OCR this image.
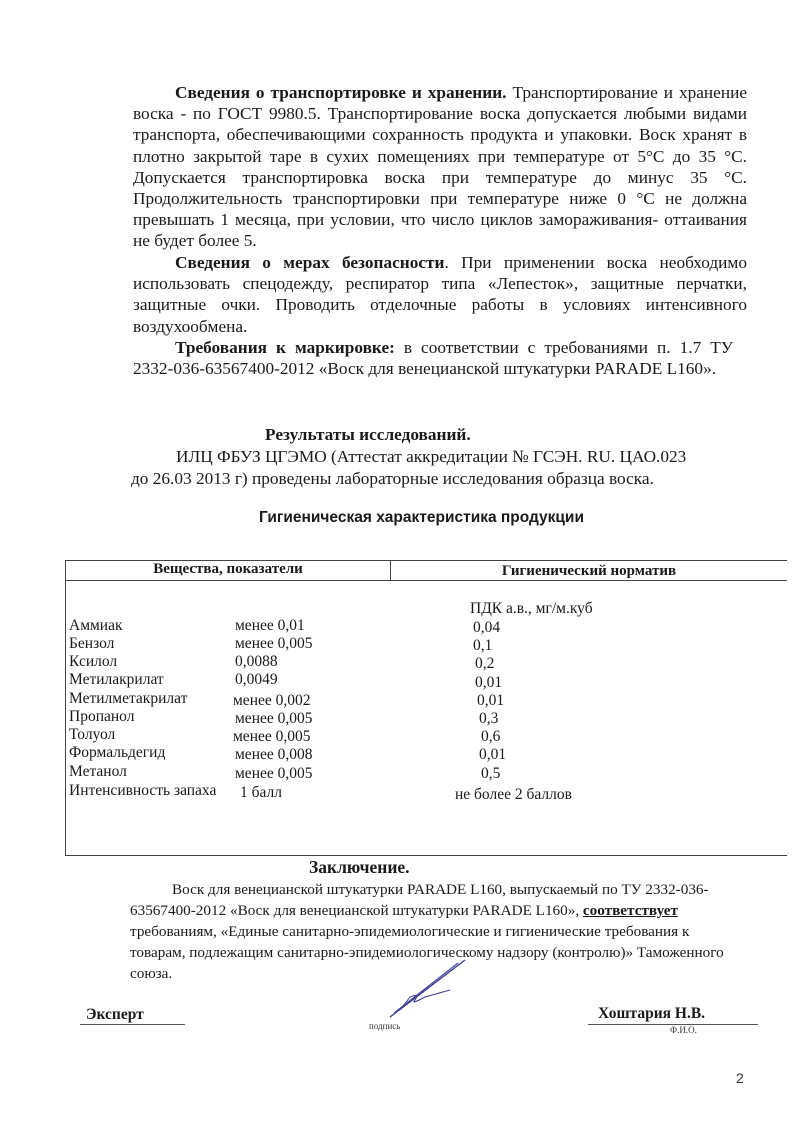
Сведения о транспортировке и хранении. Транспортирование и хранение воска - по ГОСТ 9980.5. Транспортирование воска допускается любыми видами транспорта, обеспечивающими сохранность продукта и упаковки. Воск хранят в плотно закрытой таре в сухих помещениях при температуре от 5°С до 35 °С. Допускается транспортировка воска при температуре до минус 35 °С. Продолжительность транспортировки при температуре ниже 0 °С не должна превышать 1 месяца, при условии, что число циклов замораживания- оттаивания не будет более 5.
Сведения о мерах безопасности. При применении воска необходимо использовать спецодежду, респиратор типа «Лепесток», защитные перчатки, защитные очки. Проводить отделочные работы в условиях интенсивного воздухообмена.
Требования к маркировке: в соответствии с требованиями п. 1.7 ТУ 2332-036-63567400-2012 «Воск для венецианской штукатурки PARADE L160».
Результаты исследований.
ИЛЦ ФБУЗ ЦГЭМО (Аттестат аккредитации № ГСЭН. RU. ЦАО.023
до 26.03 2013 г) проведены лабораторные исследования образца воска.
Гигиеническая характеристика продукции
Вещества, показатели	Гигиенический норматив
ПДК а.в., мг/м.куб
Аммиак	менее 0,01	0,04
Бензол	менее 0,005	0,1
Ксилол	0,0088	0,2
Метилакрилат	0,0049	0,01
Метилметакрилат	менее 0,002	0,01
Пропанол	менее 0,005	0,3
Толуол	менее 0,005	0,6
Формальдегид	менее 0,008	0,01
Метанол	менее 0,005	0,5
Интенсивность запаха 1 балл	не более 2 баллов
Заключение.
Воск для венецианской штукатурки PARADE L160, выпускаемый по ТУ 2332-036-63567400-2012 «Воск для венецианской штукатурки PARADE L160», соответствует требованиям, «Единые санитарно-эпидемиологические и гигиенические требования к товарам, подлежащим санитарно-эпидемиологическому надзору (контролю)» Таможенного союза.
Эксперт
подпись
Хоштария Н.В.
Ф.И.О.
2
